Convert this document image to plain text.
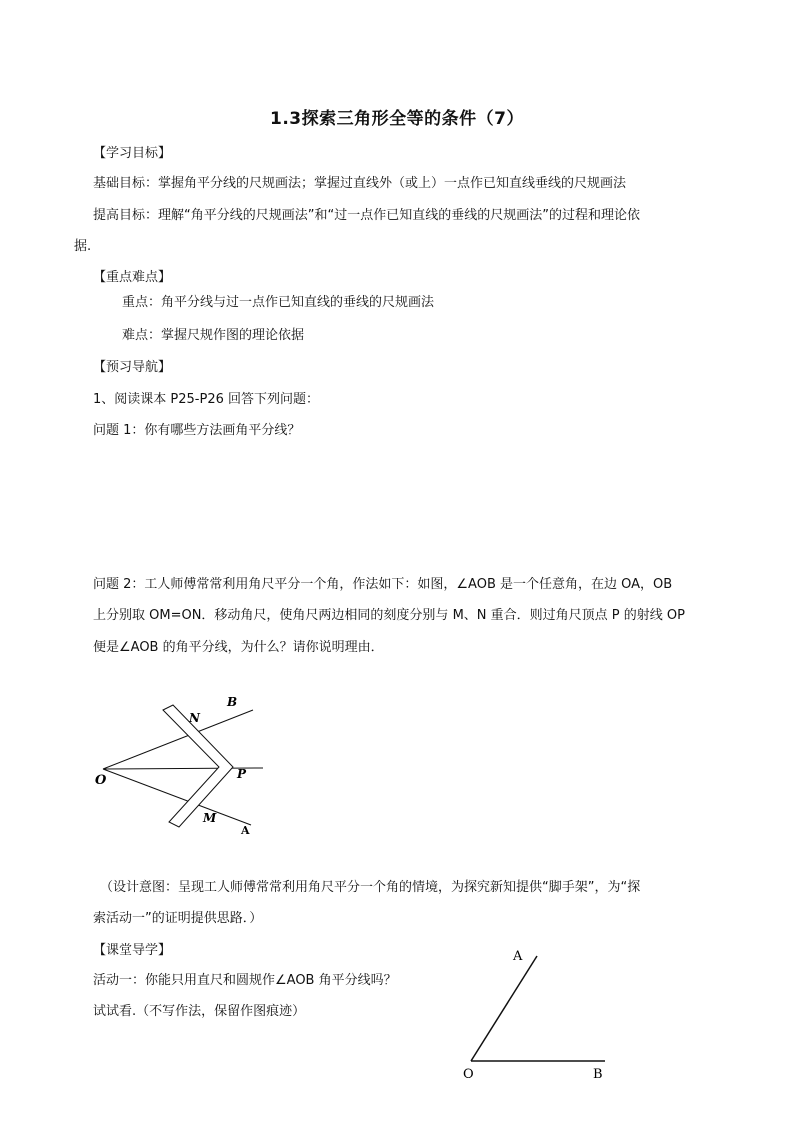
1.3探索三角形全等的条件（7）
【学习目标】
基础目标：掌握角平分线的尺规画法；掌握过直线外（或上）一点作已知直线垂线的尺规画法
提高目标：理解“角平分线的尺规画法”和“过一点作已知直线的垂线的尺规画法”的过程和理论依
据.
【重点难点】
重点：角平分线与过一点作已知直线的垂线的尺规画法
难点：掌握尺规作图的理论依据
【预习导航】
1、阅读课本 P25-P26 回答下列问题：
问题 1：你有哪些方法画角平分线？
问题 2：工人师傅常常利用角尺平分一个角，作法如下：如图，∠AOB 是一个任意角，在边 OA，OB
上分别取 OM=ON．移动角尺，使角尺两边相同的刻度分别与 M、N 重合．则过角尺顶点 P 的射线 OP
便是∠AOB 的角平分线，为什么？请你说明理由．
O
N
B
P
M
A
（设计意图：呈现工人师傅常常利用角尺平分一个角的情境，为探究新知提供“脚手架”，为“探
索活动一”的证明提供思路．）
【课堂导学】
活动一：你能只用直尺和圆规作∠AOB 角平分线吗？
试试看.（不写作法，保留作图痕迹）
A
O	B
